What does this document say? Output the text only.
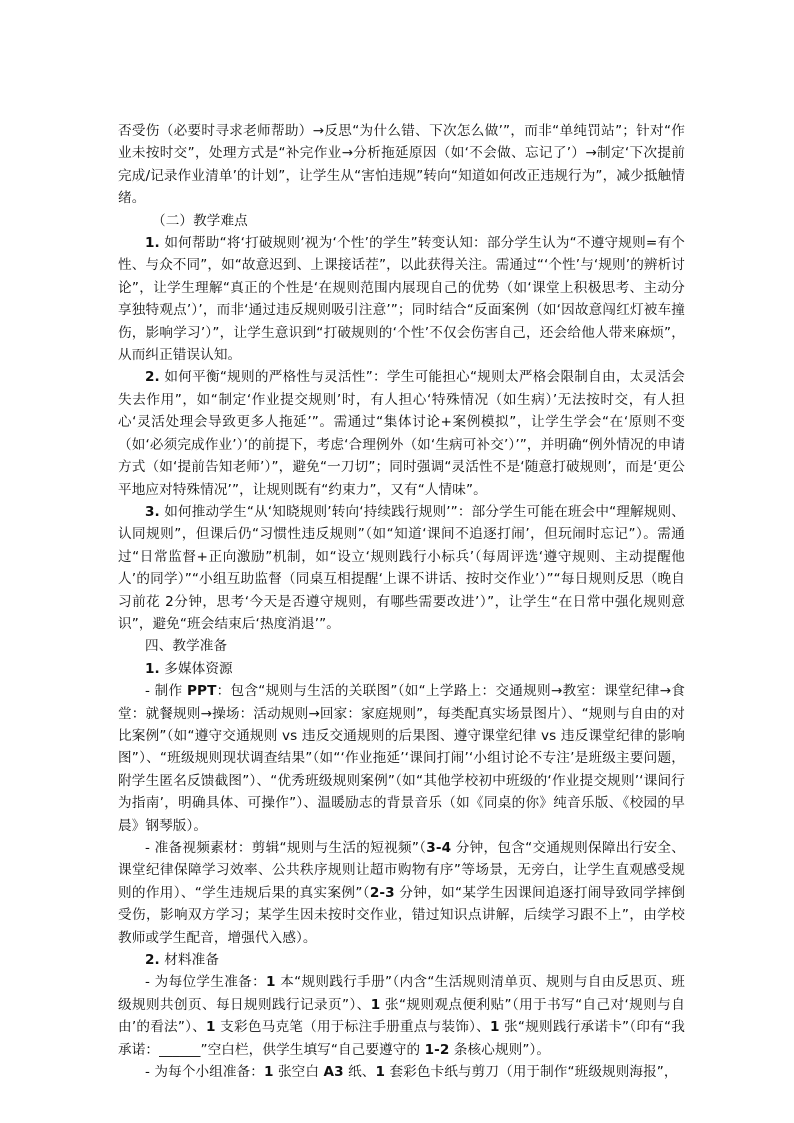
否受伤（必要时寻求老师帮助）→反思“为什么错、下次怎么做’”，而非“单纯罚站”；针对“作业未按时交”，处理方式是“补完作业→分析拖延原因（如‘不会做、忘记了’）→制定‘下次提前完成/记录作业清单’的计划”，让学生从“害怕违规”转向“知道如何改正违规行为”，减少抵触情绪。

（二）教学难点

1. 如何帮助“将‘打破规则’视为‘个性’的学生”转变认知：部分学生认为“不遵守规则=有个性、与众不同”，如“故意迟到、上课接话茬”，以此获得关注。需通过“‘个性’与‘规则’的辨析讨论”，让学生理解“真正的个性是‘在规则范围内展现自己的优势（如‘课堂上积极思考、主动分享独特观点’）’，而非‘通过违反规则吸引注意’”；同时结合“反面案例（如‘因故意闯红灯被车撞伤，影响学习’）”，让学生意识到“打破规则的‘个性’不仅会伤害自己，还会给他人带来麻烦”，从而纠正错误认知。

2. 如何平衡“规则的严格性与灵活性”：学生可能担心“规则太严格会限制自由，太灵活会失去作用”，如“制定‘作业提交规则’时，有人担心‘特殊情况（如生病）’无法按时交，有人担心‘灵活处理会导致更多人拖延’”。需通过“集体讨论+案例模拟”，让学生学会“在‘原则不变（如‘必须完成作业’）’的前提下，考虑‘合理例外（如‘生病可补交’）’”，并明确“例外情况的申请方式（如‘提前告知老师’）”，避免“一刀切”；同时强调“灵活性不是‘随意打破规则’，而是‘更公平地应对特殊情况’”，让规则既有“约束力”，又有“人情味”。

3. 如何推动学生“从‘知晓规则’转向‘持续践行规则’”：部分学生可能在班会中“理解规则、认同规则”，但课后仍“习惯性违反规则”（如“知道‘课间不追逐打闹’，但玩闹时忘记”）。需通过“日常监督+正向激励”机制，如“设立‘规则践行小标兵’（每周评选‘遵守规则、主动提醒他人’的同学）”“小组互助监督（同桌互相提醒‘上课不讲话、按时交作业’）”“每日规则反思（晚自习前花 2分钟，思考‘今天是否遵守规则，有哪些需要改进’）”，让学生“在日常中强化规则意识”，避免“班会结束后‘热度消退’”。

四、教学准备

1. 多媒体资源

- 制作 PPT：包含“规则与生活的关联图”（如“上学路上：交通规则→教室：课堂纪律→食堂：就餐规则→操场：活动规则→回家：家庭规则”，每类配真实场景图片）、“规则与自由的对比案例”（如“遵守交通规则 vs 违反交通规则的后果图、遵守课堂纪律 vs 违反课堂纪律的影响图”）、“班级规则现状调查结果”（如“‘作业拖延’‘课间打闹’‘小组讨论不专注’是班级主要问题，附学生匿名反馈截图”）、“优秀班级规则案例”（如“其他学校初中班级的‘作业提交规则’‘课间行为指南’，明确具体、可操作”）、温暖励志的背景音乐（如《同桌的你》纯音乐版、《校园的早晨》钢琴版）。

- 准备视频素材：剪辑“规则与生活的短视频”（3-4 分钟，包含“交通规则保障出行安全、课堂纪律保障学习效率、公共秩序规则让超市购物有序”等场景，无旁白，让学生直观感受规则的作用）、“学生违规后果的真实案例”（2-3 分钟，如“某学生因课间追逐打闹导致同学摔倒受伤，影响双方学习；某学生因未按时交作业，错过知识点讲解，后续学习跟不上”，由学校教师或学生配音，增强代入感）。

2. 材料准备

- 为每位学生准备：1 本“规则践行手册”（内含“生活规则清单页、规则与自由反思页、班级规则共创页、每日规则践行记录页”）、1 张“规则观点便利贴”（用于书写“自己对‘规则与自由’的看法”）、1 支彩色马克笔（用于标注手册重点与装饰）、1 张“规则践行承诺卡”（印有“我承诺：______”空白栏，供学生填写“自己要遵守的 1-2 条核心规则”）。

- 为每个小组准备：1 张空白 A3 纸、1 套彩色卡纸与剪刀（用于制作“班级规则海报”，
